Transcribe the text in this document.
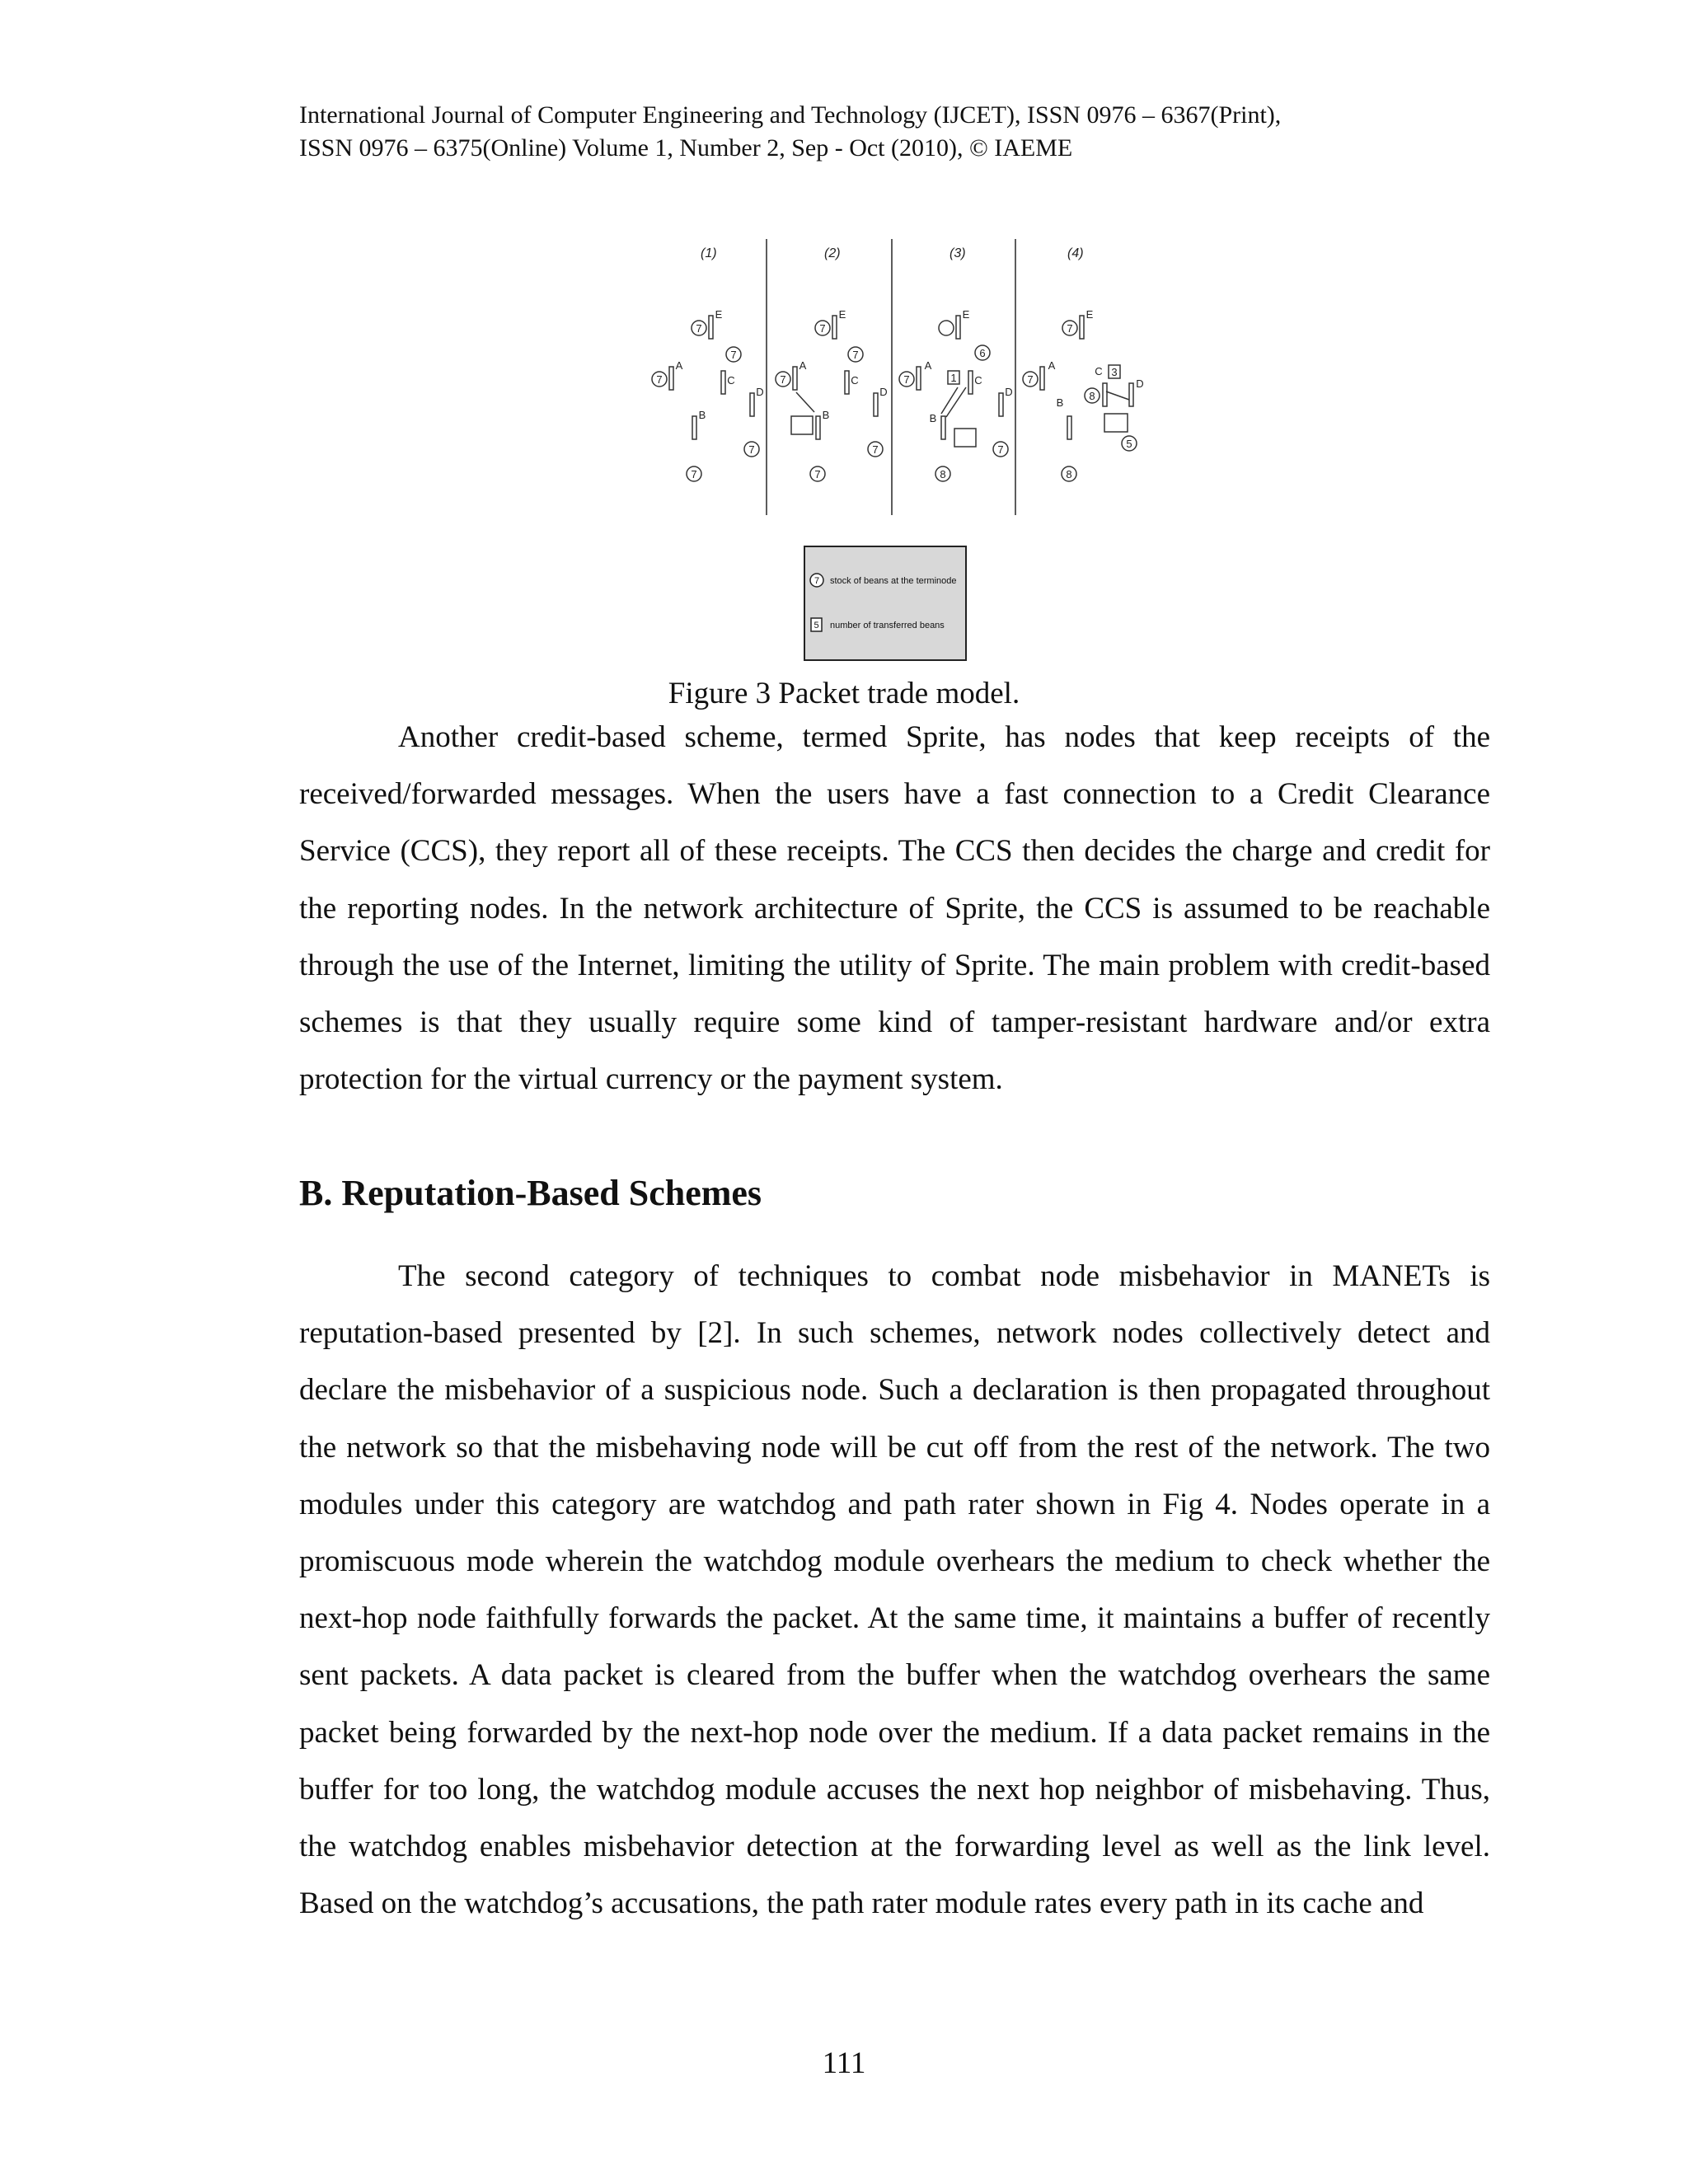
International Journal of Computer Engineering and Technology (IJCET), ISSN 0976 – 6367(Print),
ISSN 0976 – 6375(Online) Volume 1, Number 2, Sep - Oct (2010), © IAEME
(1)	(2)	(3)	(4)
7
7
7
7
7
A
E
C
D
B
7
7
7
7
7
A
E
C
D
B
7
8
6
7
1
A
E
C
D
B
7
7
8
8
5
3
A
E
C
D
B
7 stock of beans at the terminode
5 number of transferred beans
Figure 3 Packet trade model.

Another credit-based scheme, termed Sprite, has nodes that keep receipts of the received/forwarded messages. When the users have a fast connection to a Credit Clearance Service (CCS), they report all of these receipts. The CCS then decides the charge and credit for the reporting nodes. In the network architecture of Sprite, the CCS is assumed to be reachable through the use of the Internet, limiting the utility of Sprite. The main problem with credit-based schemes is that they usually require some kind of tamper-resistant hardware and/or extra protection for the virtual currency or the payment system.

B. Reputation-Based Schemes

The second category of techniques to combat node misbehavior in MANETs is reputation-based presented by [2]. In such schemes, network nodes collectively detect and declare the misbehavior of a suspicious node. Such a declaration is then propagated throughout the network so that the misbehaving node will be cut off from the rest of the network. The two modules under this category are watchdog and path rater shown in Fig 4. Nodes operate in a promiscuous mode wherein the watchdog module overhears the medium to check whether the next-hop node faithfully forwards the packet. At the same time, it maintains a buffer of recently sent packets. A data packet is cleared from the buffer when the watchdog overhears the same packet being forwarded by the next-hop node over the medium. If a data packet remains in the buffer for too long, the watchdog module accuses the next hop neighbor of misbehaving. Thus, the watchdog enables misbehavior detection at the forwarding level as well as the link level. Based on the watchdog’s accusations, the path rater module rates every path in its cache and

111
